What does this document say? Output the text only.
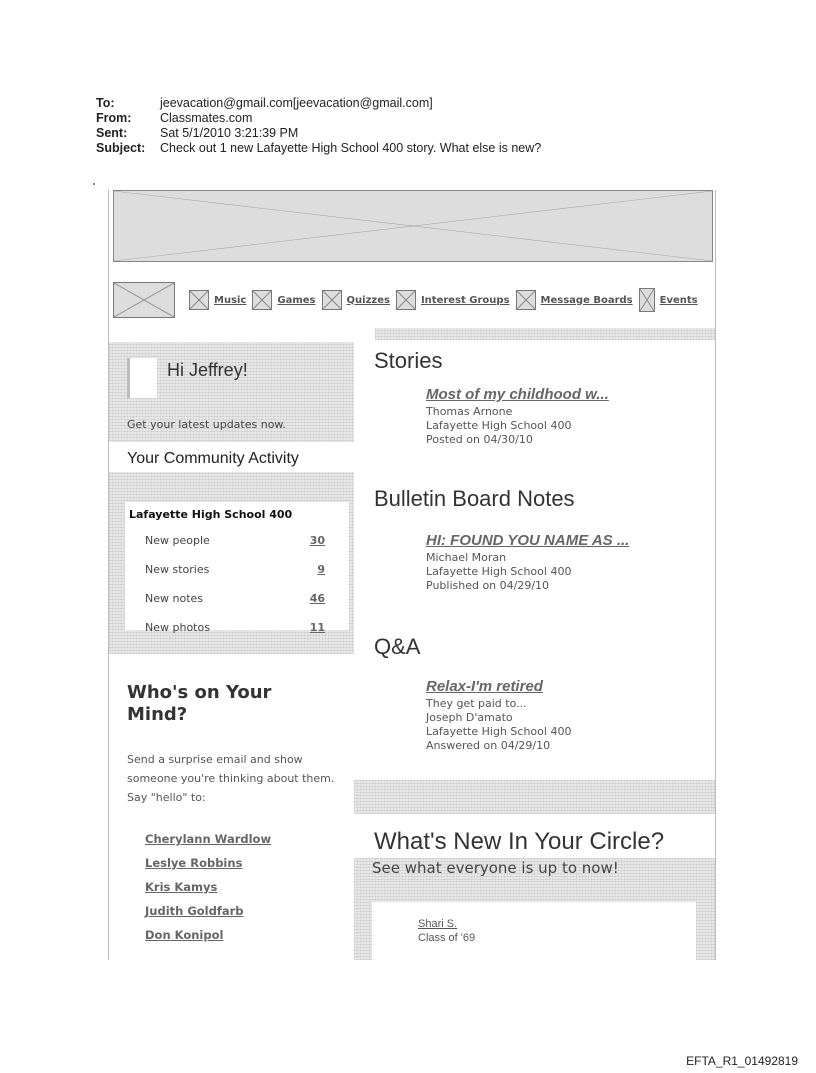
To:	jeevacation@gmail.com[jeevacation@gmail.com]
From:	Classmates.com
Sent:	Sat 5/1/2010 3:21:39 PM
Subject:	Check out 1 new Lafayette High School 400 story. What else is new?
Music	Games	Quizzes	Interest Groups	Message Boards	Events
Hi Jeffrey!
Get your latest updates now.
Your Community Activity
Lafayette High School 400
New people	30
New stories	9
New notes	46
New photos	11
Who's on Your Mind?
Send a surprise email and show someone you're thinking about them. Say "hello" to:
Cherylann Wardlow
Leslye Robbins
Kris Kamys
Judith Goldfarb
Don Konipol
Stories
Most of my childhood w...
Thomas Arnone
Lafayette High School 400
Posted on 04/30/10
Bulletin Board Notes
HI: FOUND YOU NAME AS ...
Michael Moran
Lafayette High School 400
Published on 04/29/10
Q&A
Relax-I'm retired
They get paid to...
Joseph D'amato
Lafayette High School 400
Answered on 04/29/10
What's New In Your Circle?
See what everyone is up to now!
Shari S.
Class of '69
EFTA_R1_01492819
